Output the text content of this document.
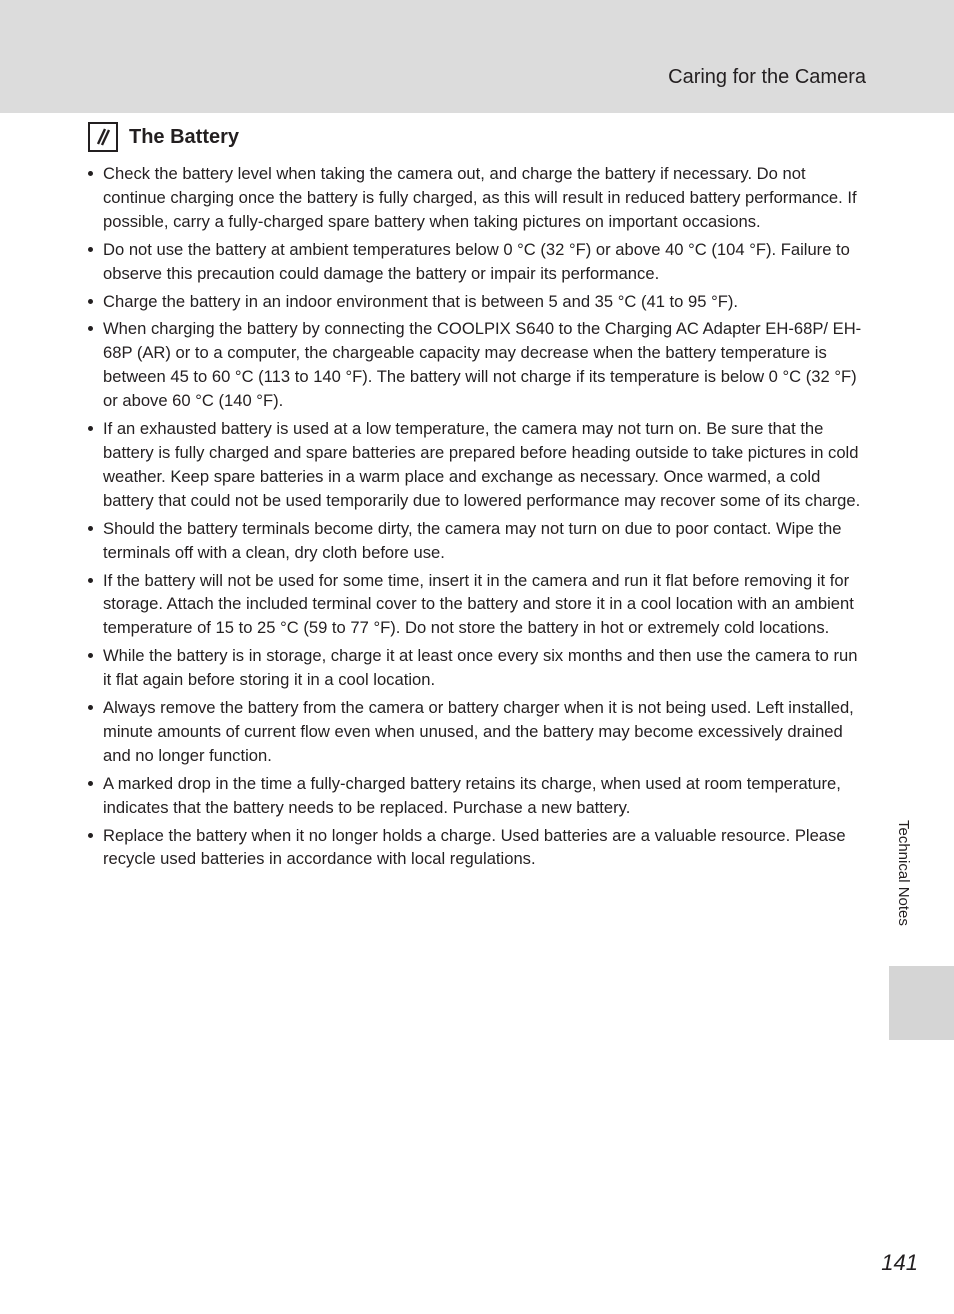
Caring for the Camera
The Battery
Check the battery level when taking the camera out, and charge the battery if necessary. Do not continue charging once the battery is fully charged, as this will result in reduced battery performance. If possible, carry a fully-charged spare battery when taking pictures on important occasions.
Do not use the battery at ambient temperatures below 0 °C (32 °F) or above 40 °C (104 °F). Failure to observe this precaution could damage the battery or impair its performance.
Charge the battery in an indoor environment that is between 5 and 35 °C (41 to 95 °F).
When charging the battery by connecting the COOLPIX S640 to the Charging AC Adapter EH-68P/ EH-68P (AR) or to a computer, the chargeable capacity may decrease when the battery temperature is between 45 to 60 °C (113 to 140 °F). The battery will not charge if its temperature is below 0 °C (32 °F) or above 60 °C (140 °F).
If an exhausted battery is used at a low temperature, the camera may not turn on. Be sure that the battery is fully charged and spare batteries are prepared before heading outside to take pictures in cold weather. Keep spare batteries in a warm place and exchange as necessary. Once warmed, a cold battery that could not be used temporarily due to lowered performance may recover some of its charge.
Should the battery terminals become dirty, the camera may not turn on due to poor contact. Wipe the terminals off with a clean, dry cloth before use.
If the battery will not be used for some time, insert it in the camera and run it flat before removing it for storage. Attach the included terminal cover to the battery and store it in a cool location with an ambient temperature of 15 to 25 °C (59 to 77 °F). Do not store the battery in hot or extremely cold locations.
While the battery is in storage, charge it at least once every six months and then use the camera to run it flat again before storing it in a cool location.
Always remove the battery from the camera or battery charger when it is not being used. Left installed, minute amounts of current flow even when unused, and the battery may become excessively drained and no longer function.
A marked drop in the time a fully-charged battery retains its charge, when used at room temperature, indicates that the battery needs to be replaced. Purchase a new battery.
Replace the battery when it no longer holds a charge. Used batteries are a valuable resource. Please recycle used batteries in accordance with local regulations.	Technical Notes
141
